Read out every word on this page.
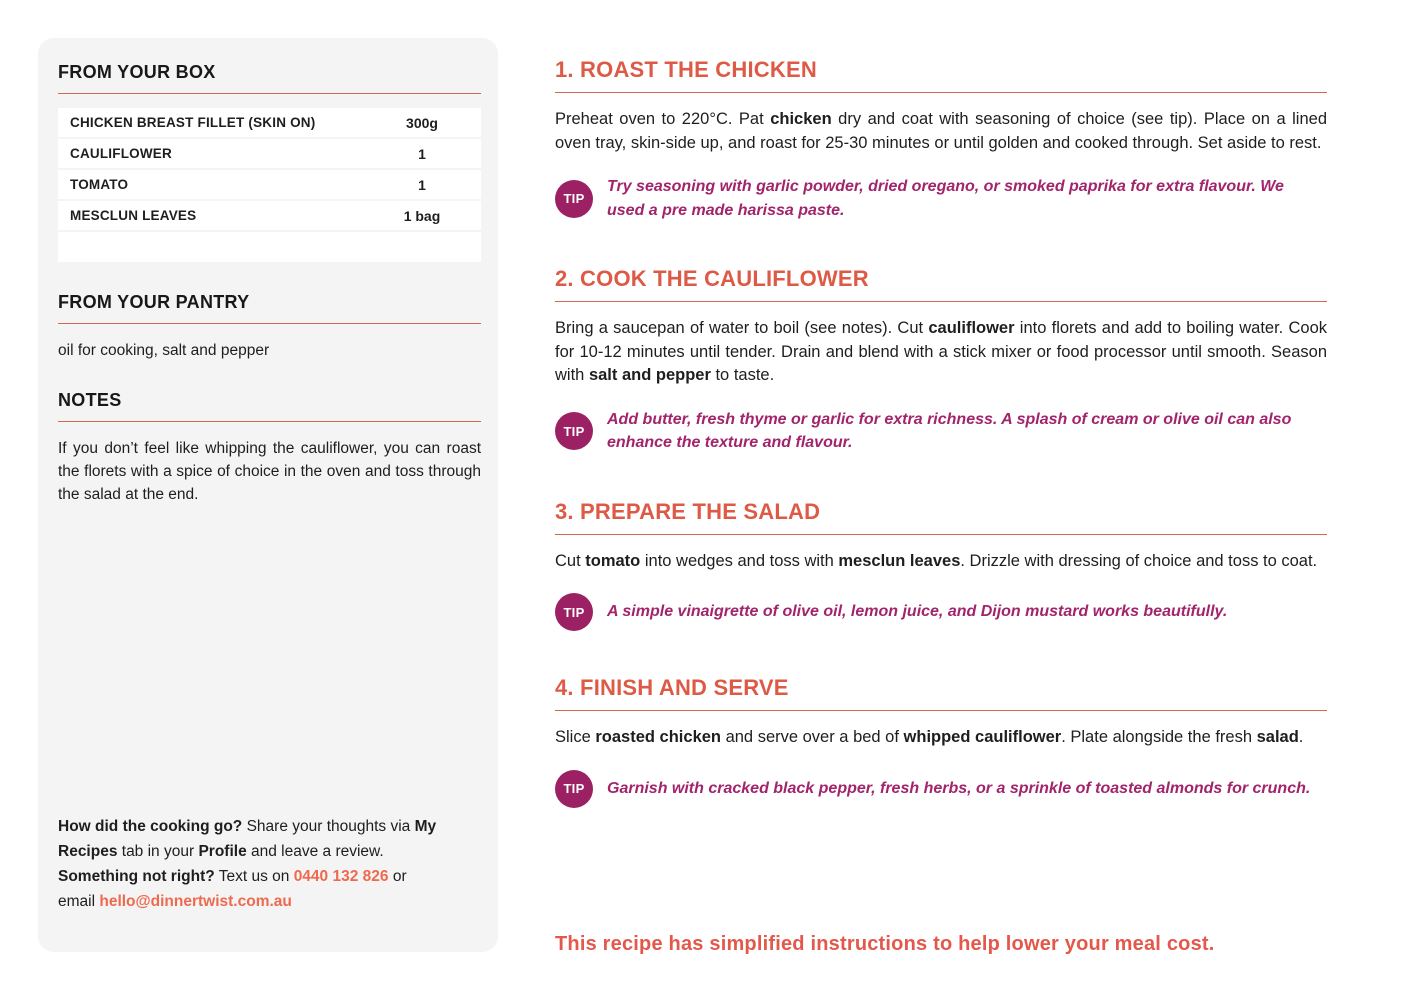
FROM YOUR BOX
CHICKEN BREAST FILLET (SKIN ON)	300g
CAULIFLOWER	1
TOMATO	1
MESCLUN LEAVES	1 bag
FROM YOUR PANTRY

oil for cooking, salt and pepper

NOTES

If you don’t feel like whipping the cauliflower, you can roast the florets with a spice of choice in the oven and toss through the salad at the end.

How did the cooking go? Share your thoughts via My Recipes tab in your Profile and leave a review.
Something not right? Text us on 0440 132 826 or
email hello@dinnertwist.com.au
1. ROAST THE CHICKEN

Preheat oven to 220°C. Pat chicken dry and coat with seasoning of choice (see tip). Place on a lined oven tray, skin-side up, and roast for 25-30 minutes or until golden and cooked through. Set aside to rest.

TIP

Try seasoning with garlic powder, dried oregano, or smoked paprika for extra flavour. We used a pre made harissa paste.

2. COOK THE CAULIFLOWER

Bring a saucepan of water to boil (see notes). Cut cauliflower into florets and add to boiling water. Cook for 10-12 minutes until tender. Drain and blend with a stick mixer or food processor until smooth. Season with salt and pepper to taste.

TIP

Add butter, fresh thyme or garlic for extra richness. A splash of cream or olive oil can also enhance the texture and flavour.

3. PREPARE THE SALAD

Cut tomato into wedges and toss with mesclun leaves. Drizzle with dressing of choice and toss to coat.

TIP	A simple vinaigrette of olive oil, lemon juice, and Dijon mustard works beautifully.

4. FINISH AND SERVE

Slice roasted chicken and serve over a bed of whipped cauliflower. Plate alongside the fresh salad.

TIP	Garnish with cracked black pepper, fresh herbs, or a sprinkle of toasted almonds for crunch.

This recipe has simplified instructions to help lower your meal cost.
